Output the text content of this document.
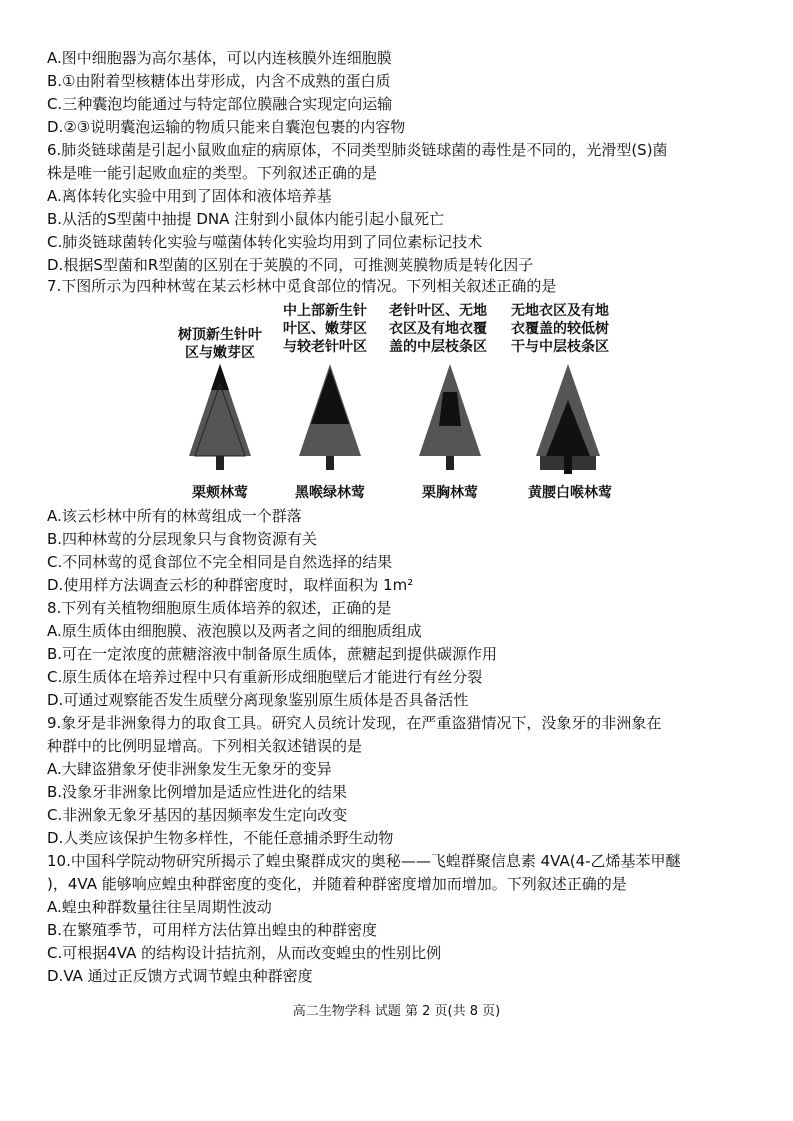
A.图中细胞器为高尔基体，可以内连核膜外连细胞膜
B.①由附着型核糖体出芽形成，内含不成熟的蛋白质
C.三种囊泡均能通过与特定部位膜融合实现定向运输
D.②③说明囊泡运输的物质只能来自囊泡包裹的内容物
6.肺炎链球菌是引起小鼠败血症的病原体，不同类型肺炎链球菌的毒性是不同的，光滑型(S)菌
株是唯一能引起败血症的类型。下列叙述正确的是
A.离体转化实验中用到了固体和液体培养基
B.从活的S型菌中抽提 DNA 注射到小鼠体内能引起小鼠死亡
C.肺炎链球菌转化实验与噬菌体转化实验均用到了同位素标记技术
D.根据S型菌和R型菌的区别在于荚膜的不同，可推测荚膜物质是转化因子
7.下图所示为四种林莺在某云杉林中觅食部位的情况。下列相关叙述正确的是
树顶新生针叶
区与嫩芽区
中上部新生针
叶区、嫩芽区
与较老针叶区
老针叶区、无地
衣区及有地衣覆
盖的中层枝条区
无地衣区及有地
衣覆盖的较低树
干与中层枝条区
栗颊林莺	黑喉绿林莺	栗胸林莺	黄腰白喉林莺
A.该云杉林中所有的林莺组成一个群落
B.四种林莺的分层现象只与食物资源有关
C.不同林莺的觅食部位不完全相同是自然选择的结果
D.使用样方法调查云杉的种群密度时，取样面积为 1m²
8.下列有关植物细胞原生质体培养的叙述，正确的是
A.原生质体由细胞膜、液泡膜以及两者之间的细胞质组成
B.可在一定浓度的蔗糖溶液中制备原生质体，蔗糖起到提供碳源作用
C.原生质体在培养过程中只有重新形成细胞壁后才能进行有丝分裂
D.可通过观察能否发生质壁分离现象鉴别原生质体是否具备活性
9.象牙是非洲象得力的取食工具。研究人员统计发现，在严重盗猎情况下，没象牙的非洲象在
种群中的比例明显增高。下列相关叙述错误的是
A.大肆盗猎象牙使非洲象发生无象牙的变异
B.没象牙非洲象比例增加是适应性进化的结果
C.非洲象无象牙基因的基因频率发生定向改变
D.人类应该保护生物多样性，不能任意捕杀野生动物
10.中国科学院动物研究所揭示了蝗虫聚群成灾的奥秘——飞蝗群聚信息素 4VA(4-乙烯基苯甲醚
)，4VA 能够响应蝗虫种群密度的变化，并随着种群密度增加而增加。下列叙述正确的是
A.蝗虫种群数量往往呈周期性波动
B.在繁殖季节，可用样方法估算出蝗虫的种群密度
C.可根据4VA 的结构设计拮抗剂，从而改变蝗虫的性别比例
D.VA 通过正反馈方式调节蝗虫种群密度
高二生物学科 试题 第 2 页(共 8 页)
